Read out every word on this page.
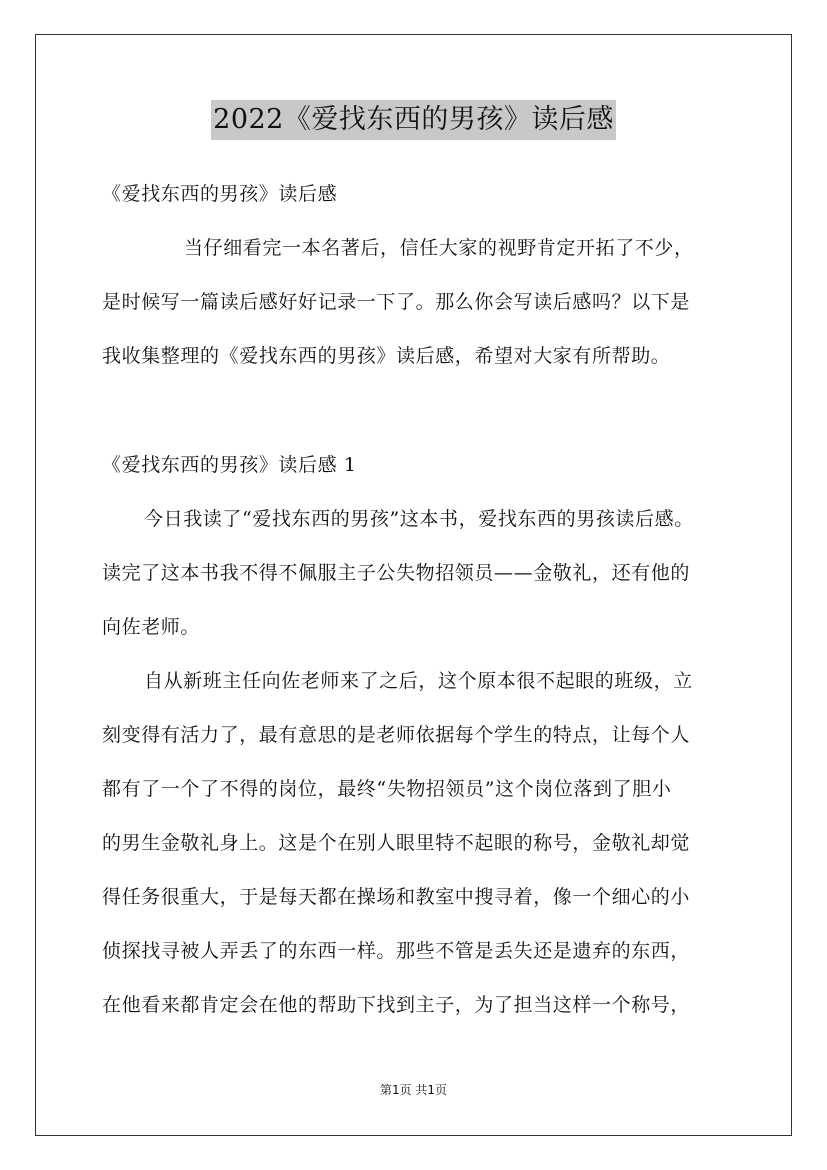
2022《爱找东西的男孩》读后感
《爱找东西的男孩》读后感
当仔细看完一本名著后，信任大家的视野肯定开拓了不少，
是时候写一篇读后感好好记录一下了。那么你会写读后感吗？以下是
我收集整理的《爱找东西的男孩》读后感，希望对大家有所帮助。
《爱找东西的男孩》读后感 1
今日我读了“爱找东西的男孩”这本书，爱找东西的男孩读后感。
读完了这本书我不得不佩服主子公失物招领员——金敬礼，还有他的
向佐老师。
自从新班主任向佐老师来了之后，这个原本很不起眼的班级，立
刻变得有活力了，最有意思的是老师依据每个学生的特点，让每个人
都有了一个了不得的岗位，最终“失物招领员”这个岗位落到了胆小
的男生金敬礼身上。这是个在别人眼里特不起眼的称号，金敬礼却觉
得任务很重大，于是每天都在操场和教室中搜寻着，像一个细心的小
侦探找寻被人弄丢了的东西一样。那些不管是丢失还是遗弃的东西，
在他看来都肯定会在他的帮助下找到主子，为了担当这样一个称号，
第1页 共1页
